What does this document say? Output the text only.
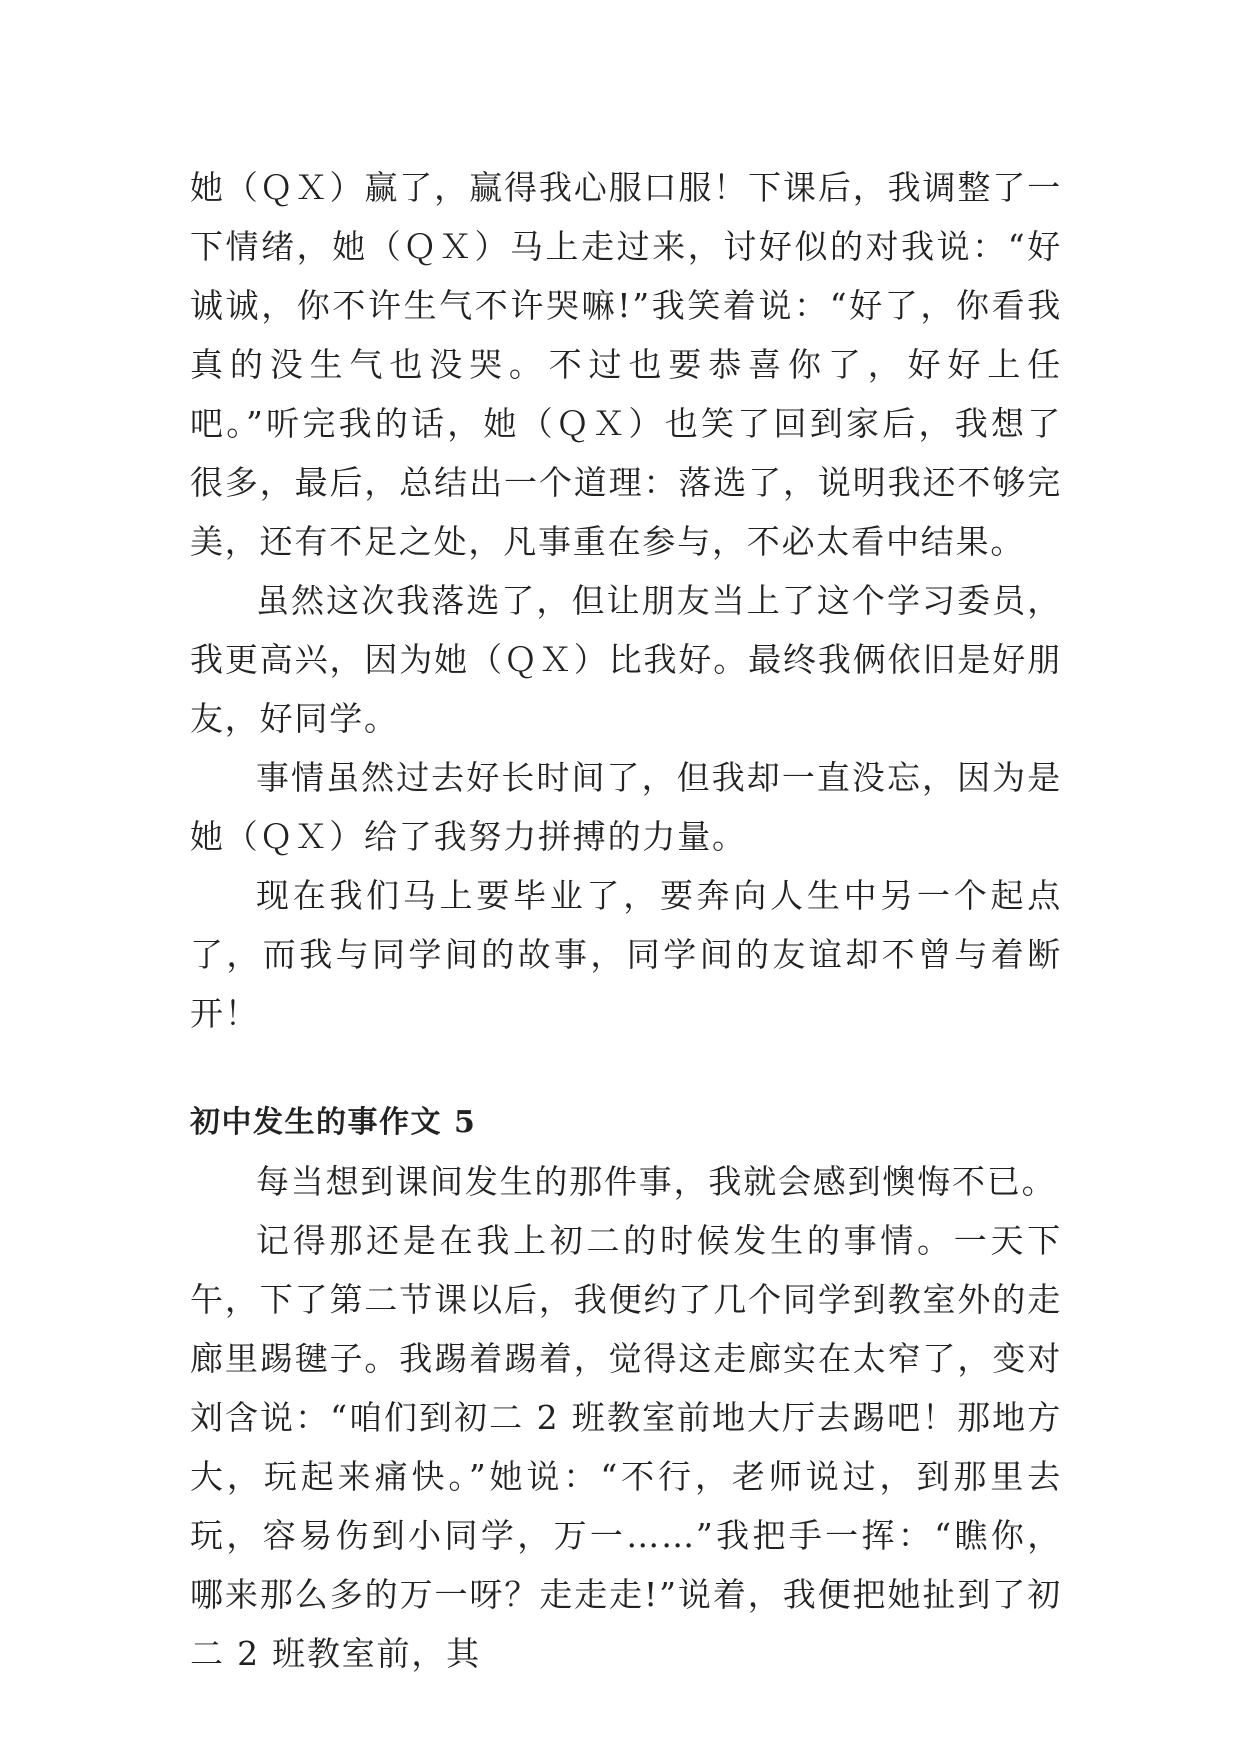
她（ＱＸ）赢了，赢得我心服口服！下课后，我调整了一下情绪，她（ＱＸ）马上走过来，讨好似的对我说：“好诚诚，你不许生气不许哭嘛!”我笑着说：“好了，你看我真的没生气也没哭。不过也要恭喜你了，好好上任吧。”听完我的话，她（ＱＸ）也笑了回到家后，我想了很多，最后，总结出一个道理：落选了，说明我还不够完美，还有不足之处，凡事重在参与，不必太看中结果。

虽然这次我落选了，但让朋友当上了这个学习委员，我更高兴，因为她（ＱＸ）比我好。最终我俩依旧是好朋友，好同学。

事情虽然过去好长时间了，但我却一直没忘，因为是她（ＱＸ）给了我努力拼搏的力量。

现在我们马上要毕业了，要奔向人生中另一个起点了，而我与同学间的故事，同学间的友谊却不曾与着断开！

初中发生的事作文 5

每当想到课间发生的那件事，我就会感到懊悔不已。

记得那还是在我上初二的时候发生的事情。一天下午，下了第二节课以后，我便约了几个同学到教室外的走廊里踢毽子。我踢着踢着，觉得这走廊实在太窄了，变对刘含说：“咱们到初二 2 班教室前地大厅去踢吧！那地方大，玩起来痛快。”她说：“不行，老师说过，到那里去玩，容易伤到小同学，万一……”我把手一挥：“瞧你，哪来那么多的万一呀？走走走!”说着，我便把她扯到了初二 2 班教室前，其
